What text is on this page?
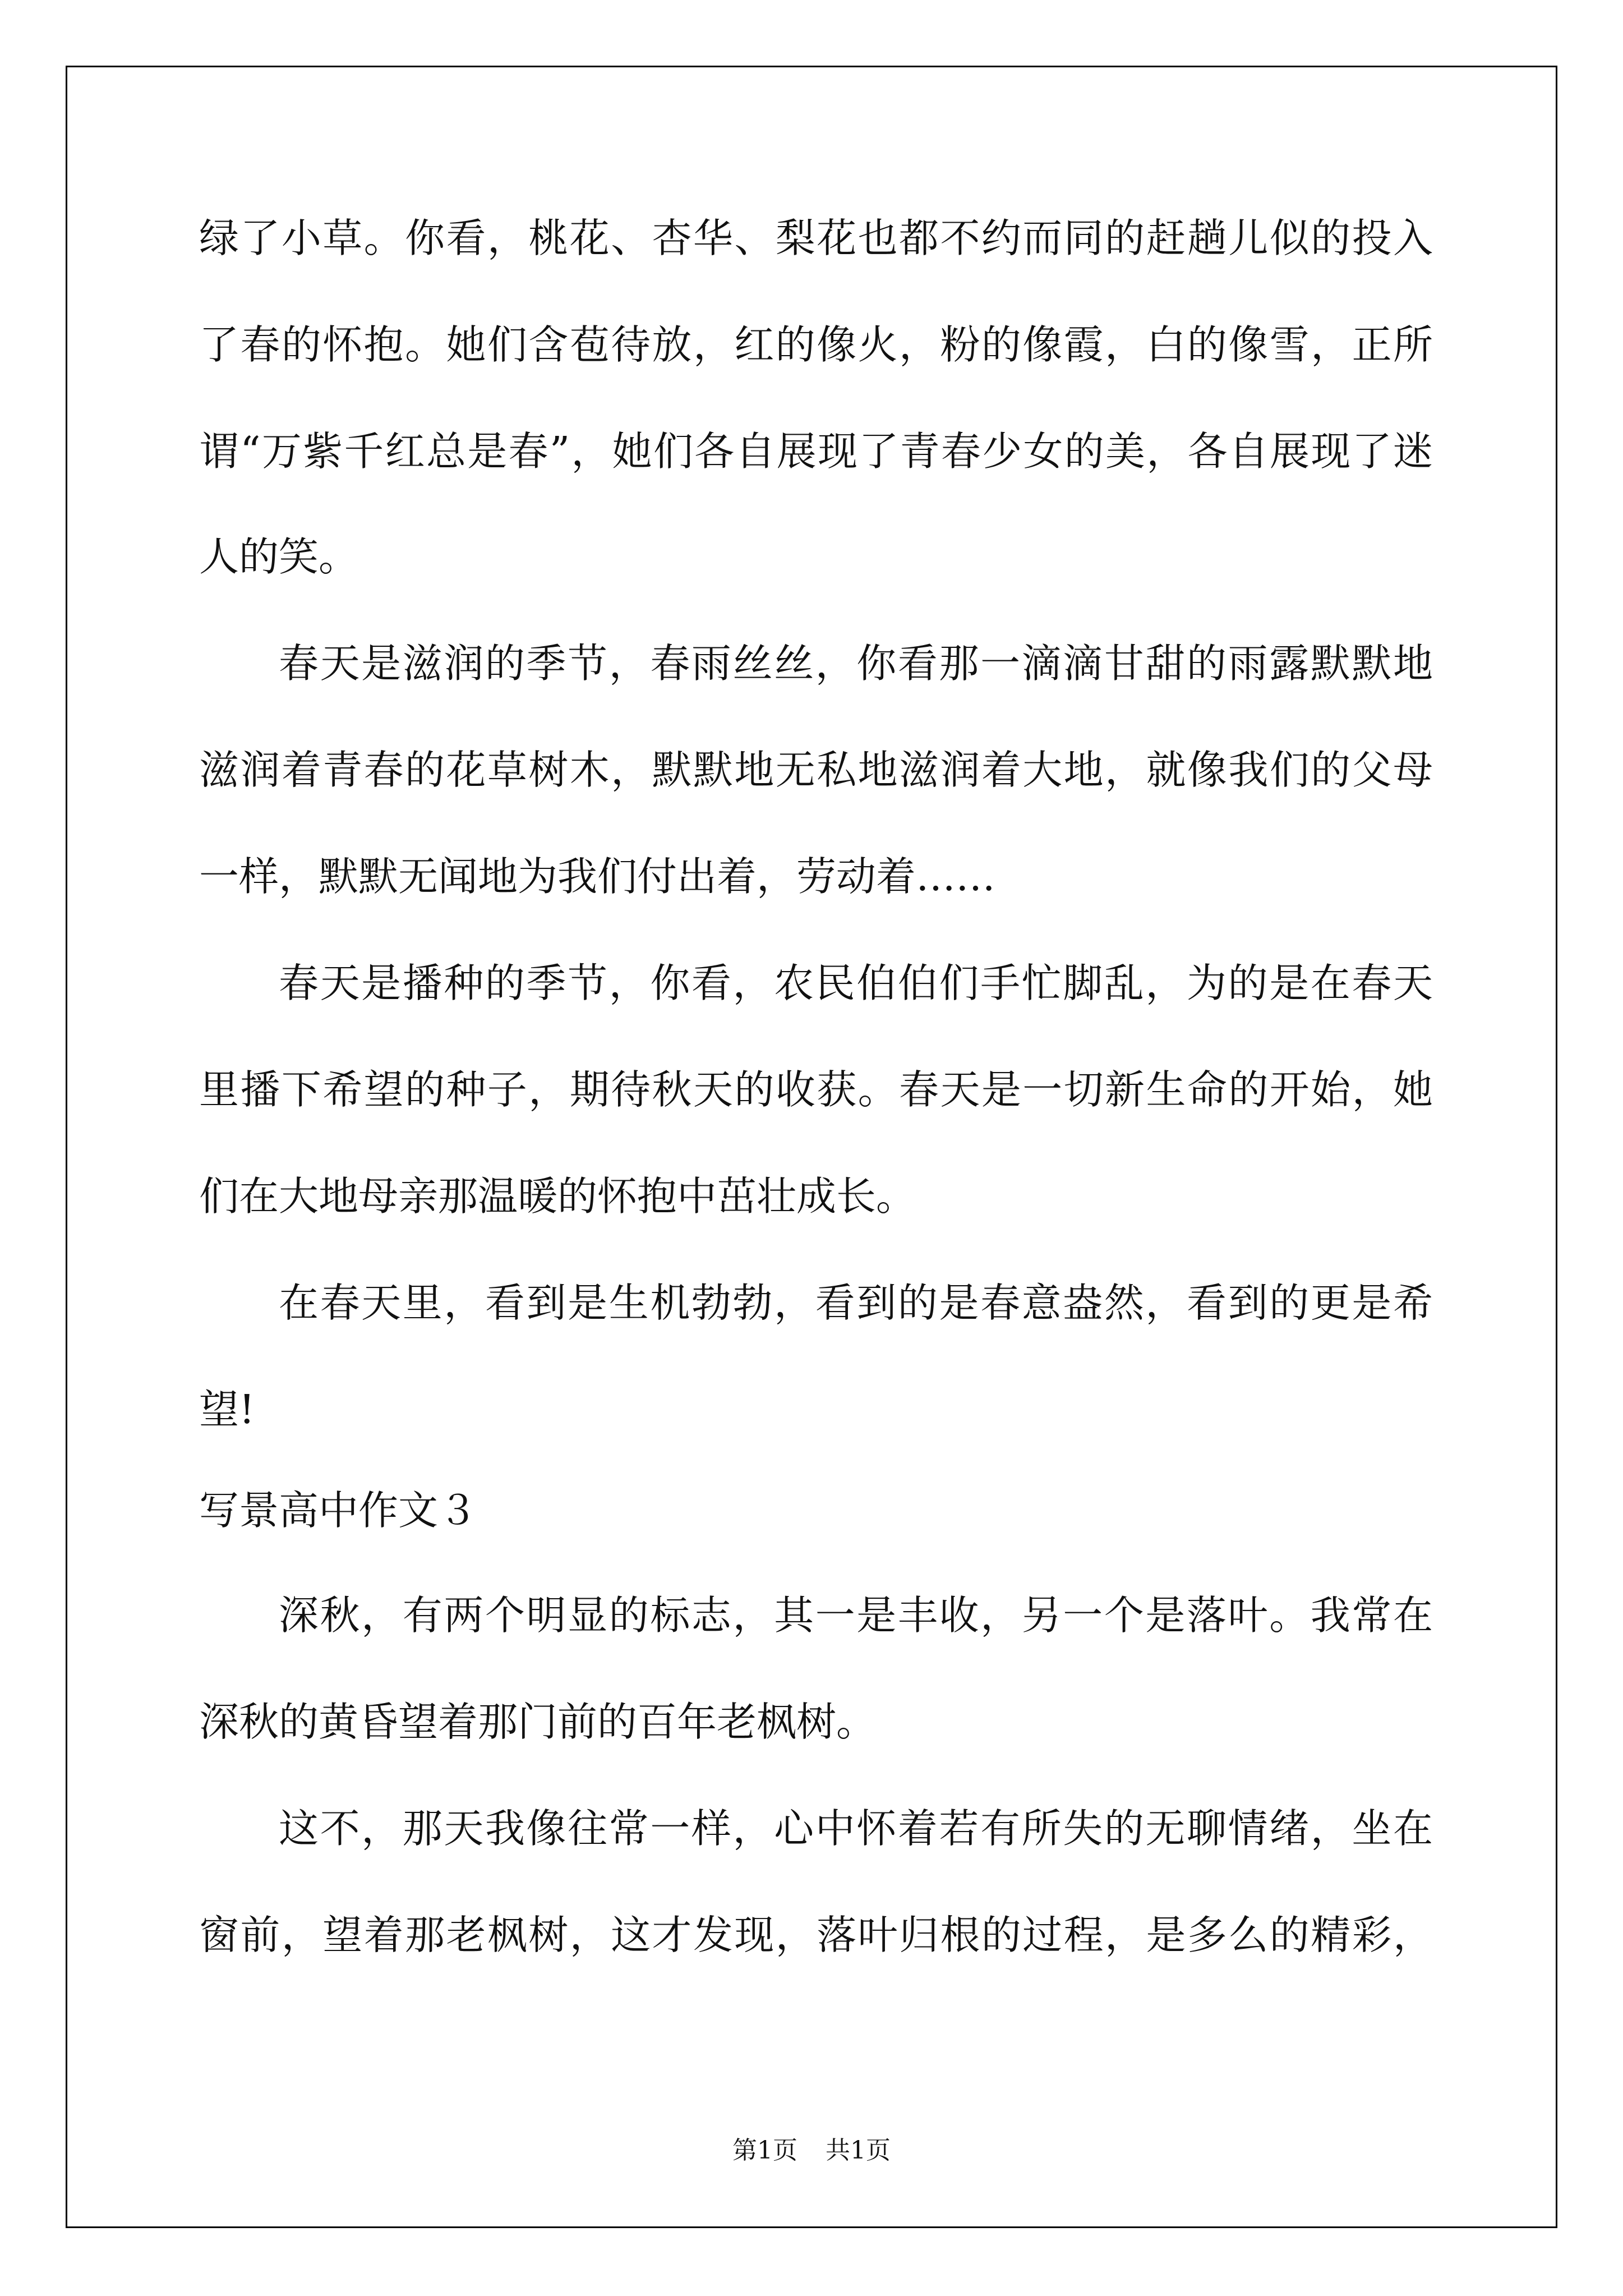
绿了小草。你看，桃花、杏华、梨花也都不约而同的赶趟儿似的投入
了春的怀抱。她们含苞待放，红的像火，粉的像霞，白的像雪，正所
谓“万紫千红总是春”，她们各自展现了青春少女的美，各自展现了迷
人的笑。
春天是滋润的季节，春雨丝丝，你看那一滴滴甘甜的雨露默默地
滋润着青春的花草树木，默默地无私地滋润着大地，就像我们的父母
一样，默默无闻地为我们付出着，劳动着……
春天是播种的季节，你看，农民伯伯们手忙脚乱，为的是在春天
里播下希望的种子，期待秋天的收获。春天是一切新生命的开始，她
们在大地母亲那温暖的怀抱中茁壮成长。
在春天里，看到是生机勃勃，看到的是春意盎然，看到的更是希
望!
写景高中作文３
深秋，有两个明显的标志，其一是丰收，另一个是落叶。我常在
深秋的黄昏望着那门前的百年老枫树。
这不，那天我像往常一样，心中怀着若有所失的无聊情绪，坐在
窗前，望着那老枫树，这才发现，落叶归根的过程，是多么的精彩，
第1页 共1页
